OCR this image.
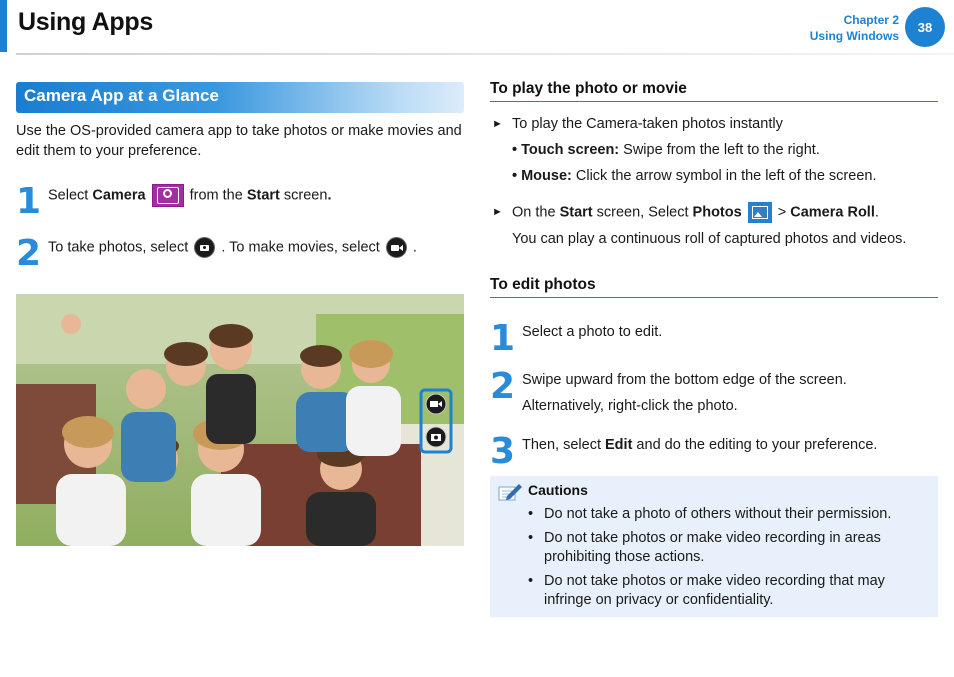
Using Apps	Chapter 2
Using Windows
38
Camera App at a Glance
Use the OS-provided camera app to take photos or make movies and edit them to your preference.
1 Select Camera	from the Start screen.
2 To take photos, select
. To make movies, select
.
To play the photo or movie
► To play the Camera-taken photos instantly
• Touch screen: Swipe from the left to the right.
• Mouse: Click the arrow symbol in the left of the screen.
► On the Start screen, Select Photos
> Camera Roll.
You can play a continuous roll of captured photos and videos.
To edit photos
1 Select a photo to edit.
2 Swipe upward from the bottom edge of the screen.
Alternatively, right-click the photo.
3 Then, select Edit and do the editing to your preference.
Cautions
• Do not take a photo of others without their permission.
• Do not take photos or make video recording in areas prohibiting those actions.
• Do not take photos or make video recording that may infringe on privacy or confidentiality.
